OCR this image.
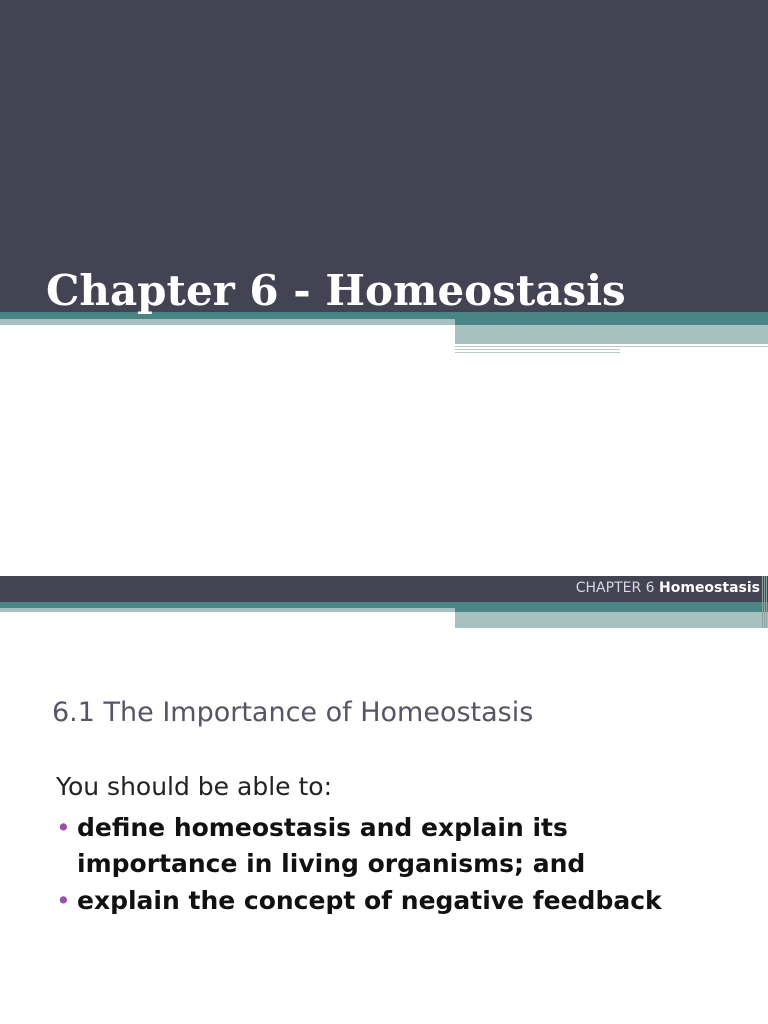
Chapter 6 - Homeostasis
CHAPTER 6 Homeostasis
6.1 The Importance of Homeostasis
You should be able to:
• define homeostasis and explain its importance in living organisms; and
• explain the concept of negative feedback
